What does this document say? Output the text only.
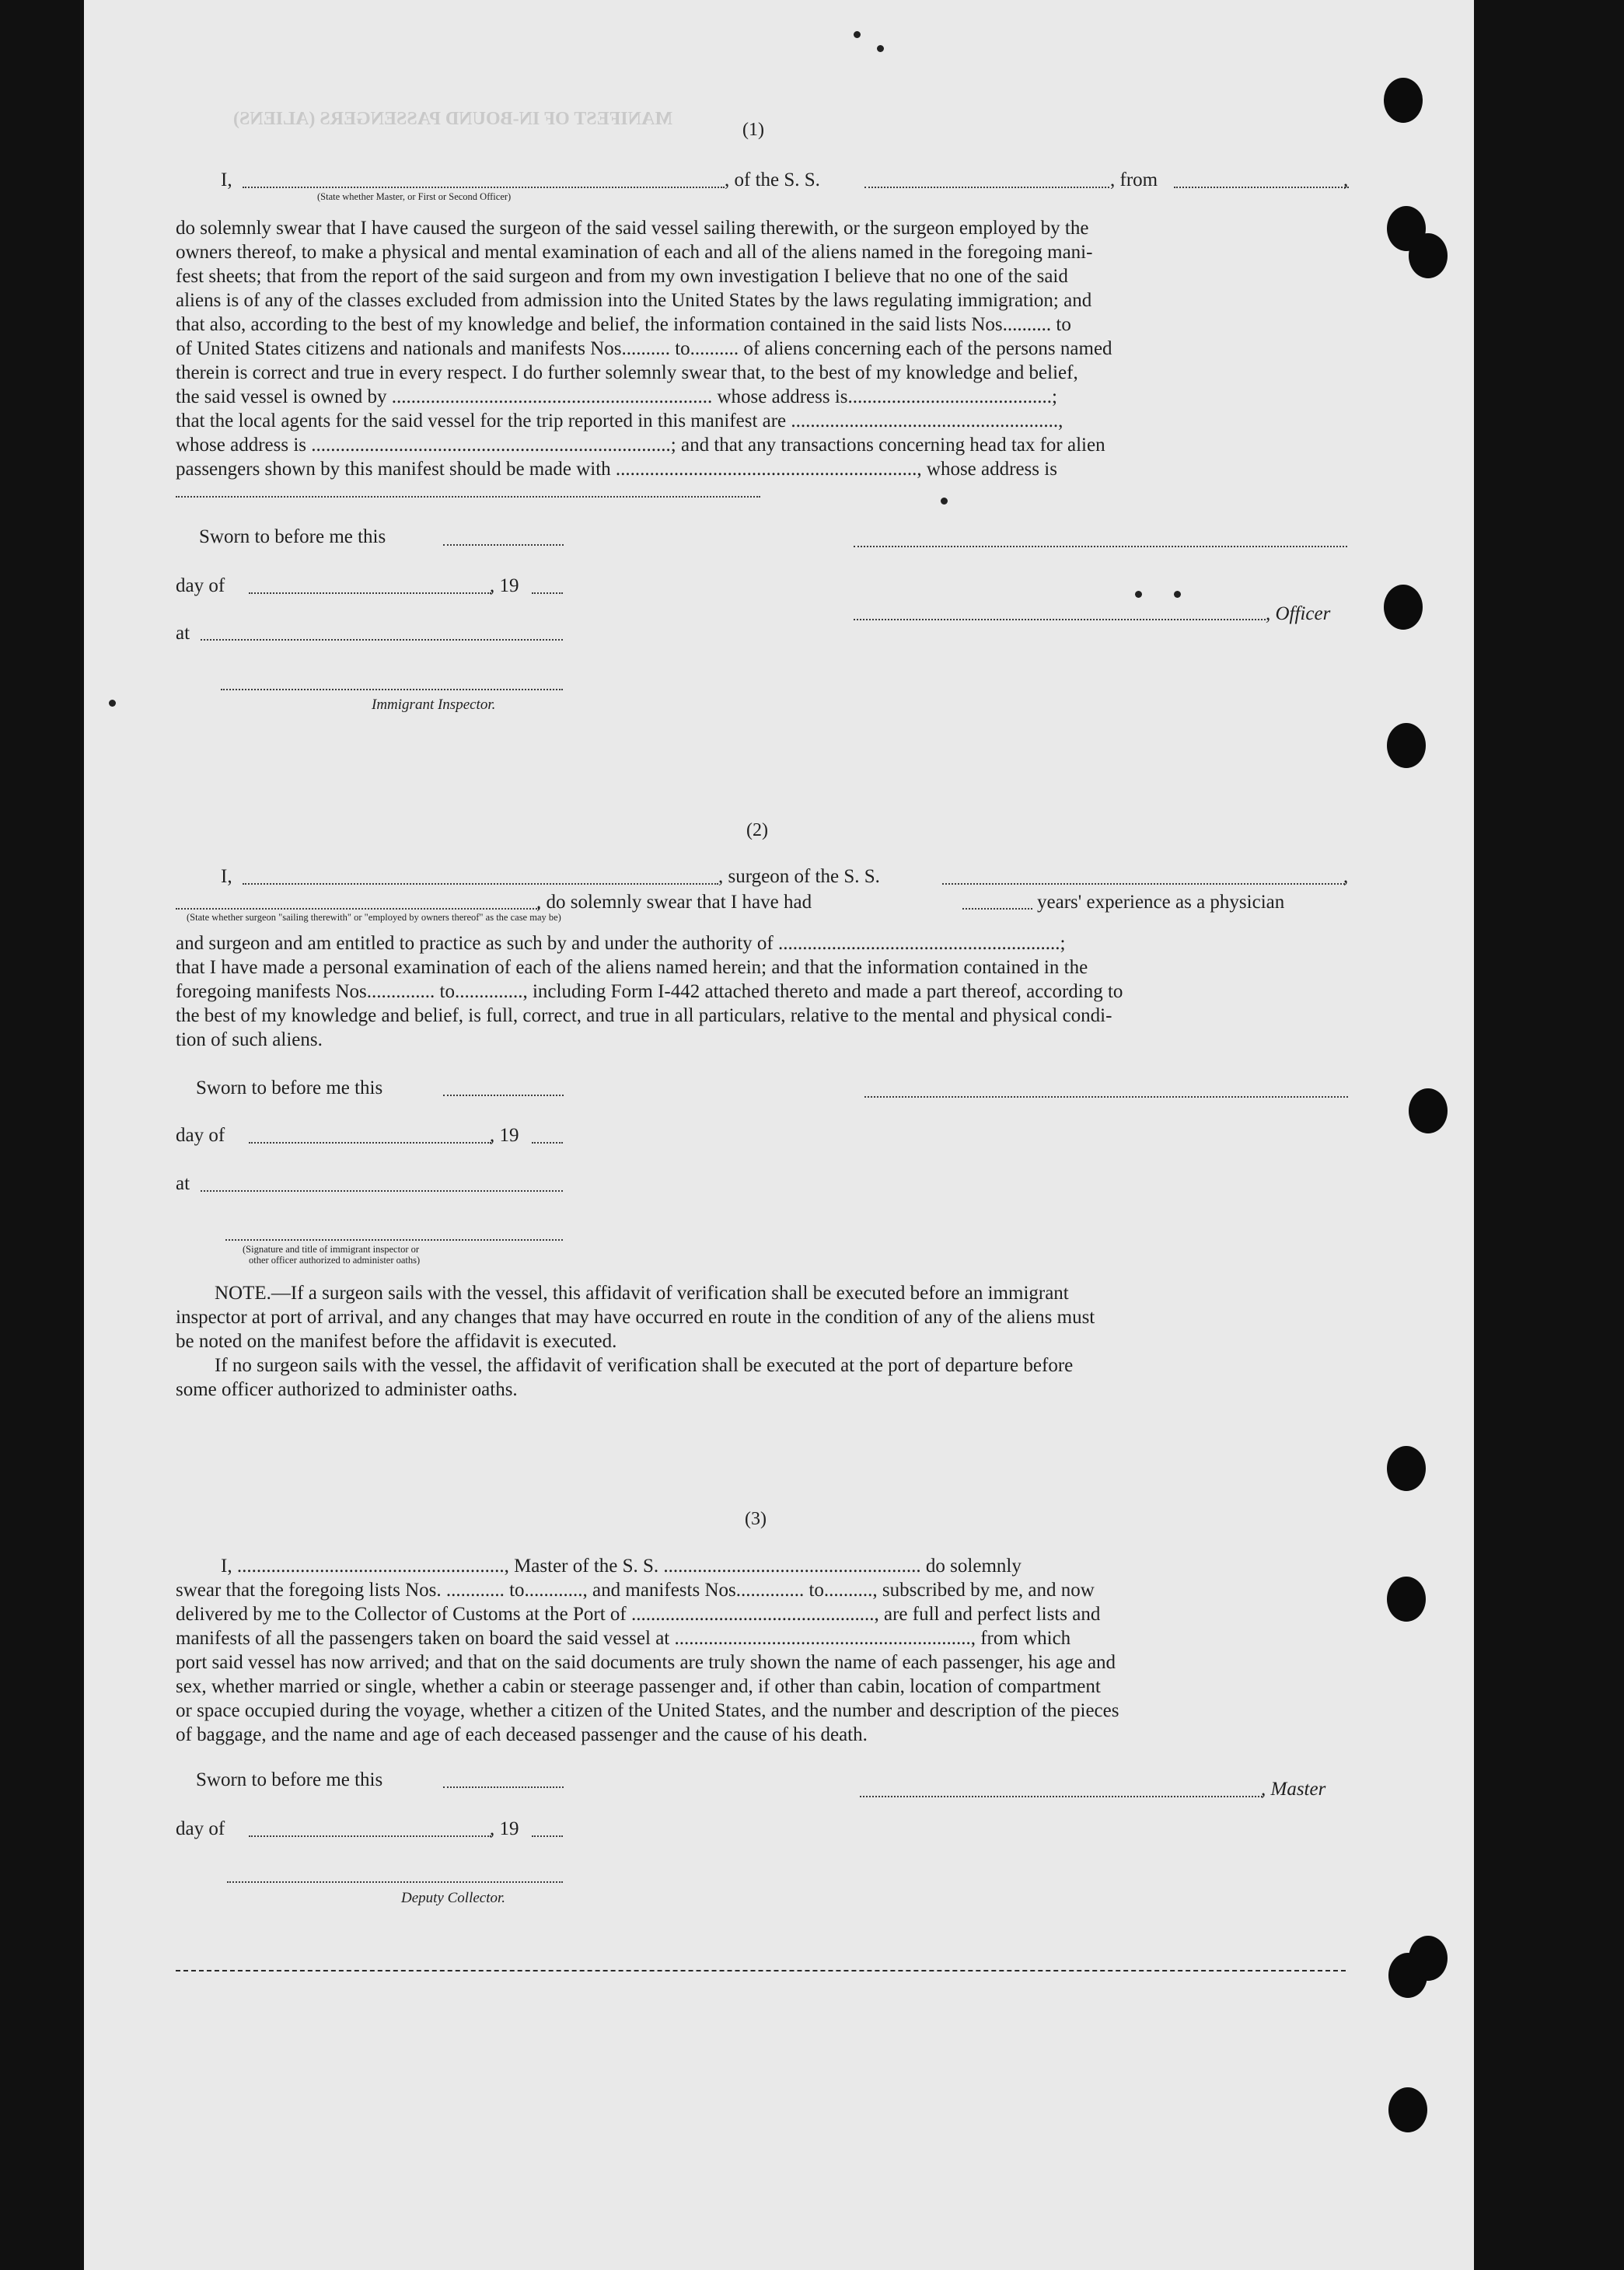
MANIFEST OF IN-BOUND PASSENGERS (ALIENS)
(1)
I,	, of the S. S.	, from	,
(State whether Master, or First or Second Officer)
do solemnly swear that I have caused the surgeon of the said vessel sailing therewith, or the surgeon employed by the
owners thereof, to make a physical and mental examination of each and all of the aliens named in the foregoing mani-
fest sheets; that from the report of the said surgeon and from my own investigation I believe that no one of the said
aliens is of any of the classes excluded from admission into the United States by the laws regulating immigration; and
that also, according to the best of my knowledge and belief, the information contained in the said lists Nos.......... to
of United States citizens and nationals and manifests Nos.......... to.......... of aliens concerning each of the persons named
therein is correct and true in every respect. I do further solemnly swear that, to the best of my knowledge and belief,
the said vessel is owned by .................................................................. whose address is..........................................;
that the local agents for the said vessel for the trip reported in this manifest are .......................................................,
whose address is ..........................................................................; and that any transactions concerning head tax for alien
passengers shown by this manifest should be made with .............................................................., whose address is
Sworn to before me this
day of	, 19
, Officer
at
Immigrant Inspector.
(2)
I,	, surgeon of the S. S.	,
, do solemnly swear that I have had	years' experience as a physician
(State whether surgeon "sailing therewith" or "employed by owners thereof" as the case may be)
and surgeon and am entitled to practice as such by and under the authority of ..........................................................;
that I have made a personal examination of each of the aliens named herein; and that the information contained in the
foregoing manifests Nos.............. to.............., including Form I-442 attached thereto and made a part thereof, according to
the best of my knowledge and belief, is full, correct, and true in all particulars, relative to the mental and physical condi-
tion of such aliens.
Sworn to before me this
day of	, 19
at
(Signature and title of immigrant inspector or
other officer authorized to administer oaths)
NOTE.—If a surgeon sails with the vessel, this affidavit of verification shall be executed before an immigrant
inspector at port of arrival, and any changes that may have occurred en route in the condition of any of the aliens must
be noted on the manifest before the affidavit is executed.
If no surgeon sails with the vessel, the affidavit of verification shall be executed at the port of departure before
some officer authorized to administer oaths.
(3)
I, ......................................................., Master of the S. S. ..................................................... do solemnly
swear that the foregoing lists Nos. ............ to............, and manifests Nos.............. to.........., subscribed by me, and now
delivered by me to the Collector of Customs at the Port of .................................................., are full and perfect lists and
manifests of all the passengers taken on board the said vessel at ............................................................., from which
port said vessel has now arrived; and that on the said documents are truly shown the name of each passenger, his age and
sex, whether married or single, whether a cabin or steerage passenger and, if other than cabin, location of compartment
or space occupied during the voyage, whether a citizen of the United States, and the number and description of the pieces
of baggage, and the name and age of each deceased passenger and the cause of his death.
Sworn to before me this	, Master
day of	, 19
Deputy Collector.
